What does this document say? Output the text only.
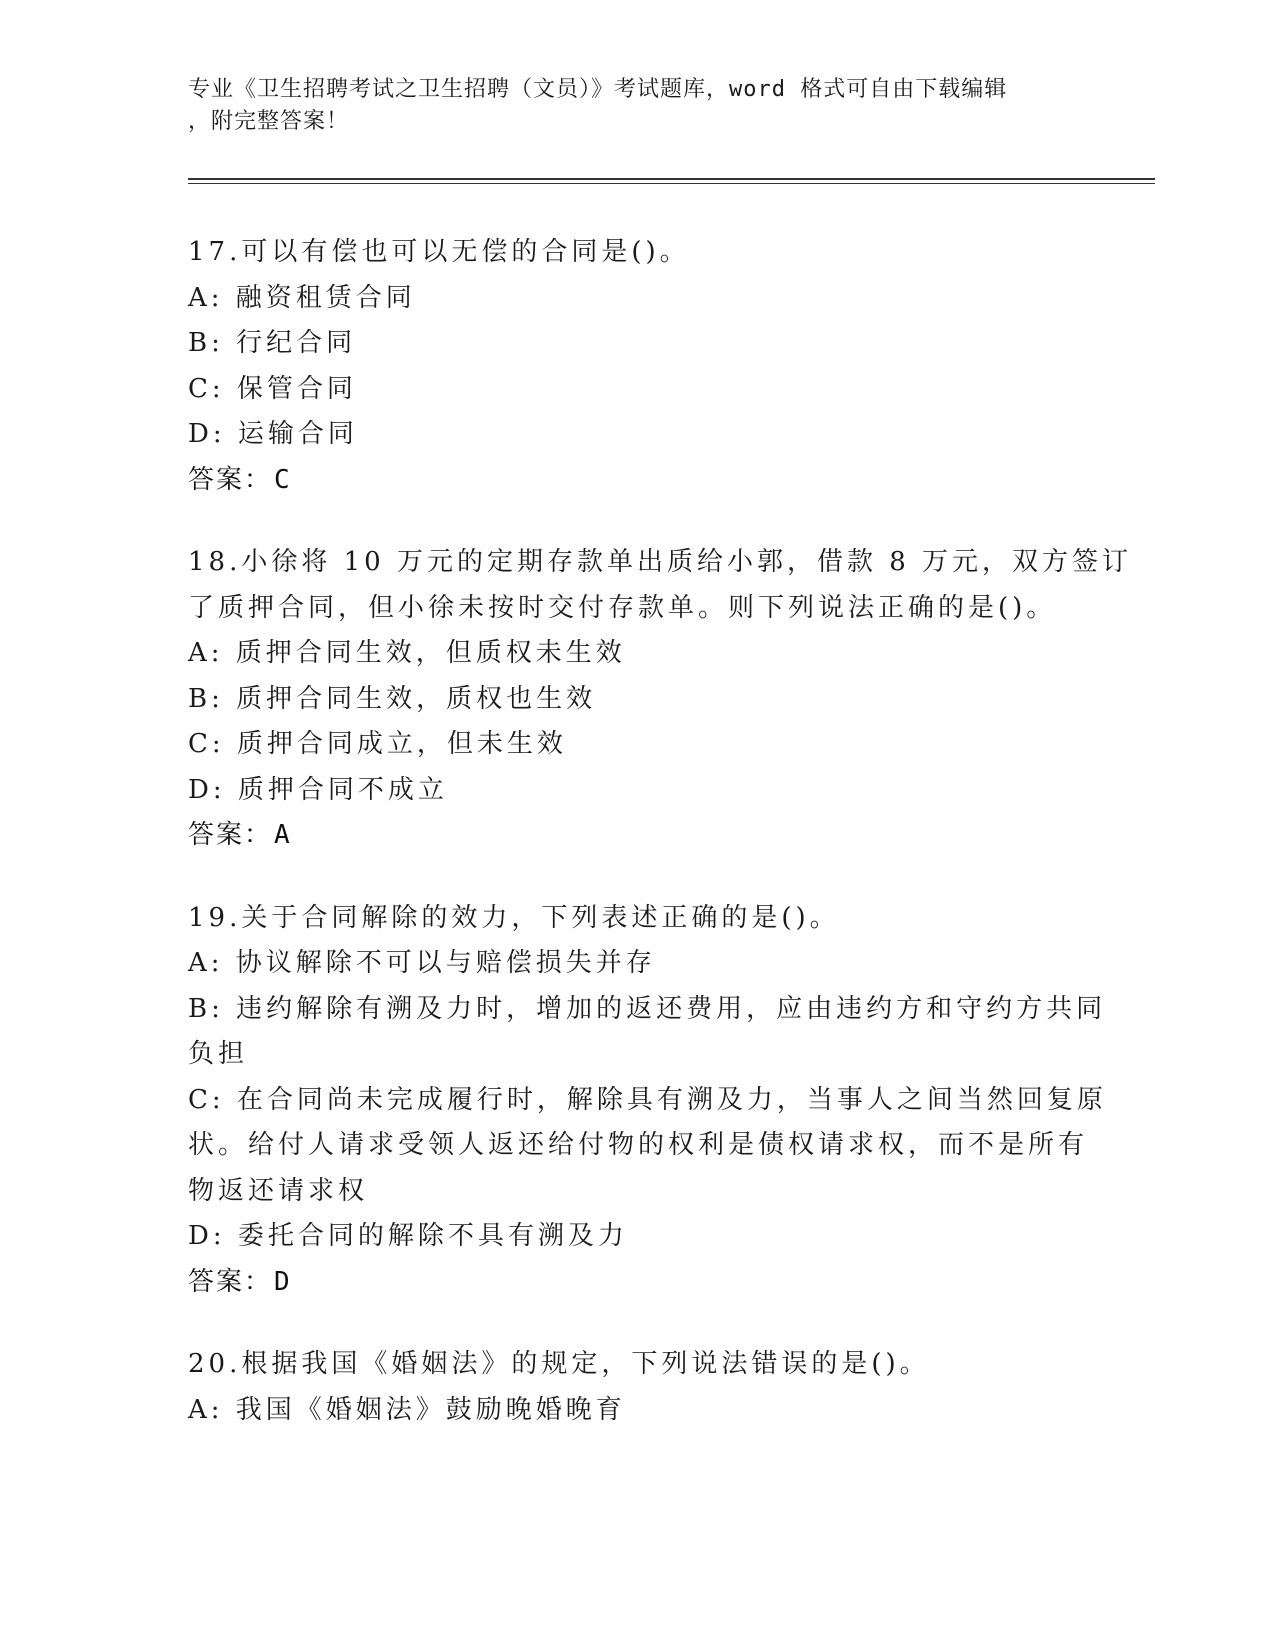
专业《卫生招聘考试之卫生招聘（文员）》考试题库，word 格式可自由下载编辑
，附完整答案！
17.可以有偿也可以无偿的合同是()。
A: 融资租赁合同
B: 行纪合同
C: 保管合同
D: 运输合同
答案：C
18.小徐将 10 万元的定期存款单出质给小郭，借款 8 万元，双方签订
了质押合同，但小徐未按时交付存款单。则下列说法正确的是()。
A: 质押合同生效，但质权未生效
B: 质押合同生效，质权也生效
C: 质押合同成立，但未生效
D: 质押合同不成立
答案：A
19.关于合同解除的效力，下列表述正确的是()。
A: 协议解除不可以与赔偿损失并存
B: 违约解除有溯及力时，增加的返还费用，应由违约方和守约方共同
负担
C: 在合同尚未完成履行时，解除具有溯及力，当事人之间当然回复原
状。给付人请求受领人返还给付物的权利是债权请求权，而不是所有
物返还请求权
D: 委托合同的解除不具有溯及力
答案：D
20.根据我国《婚姻法》的规定，下列说法错误的是()。
A: 我国《婚姻法》鼓励晚婚晚育
